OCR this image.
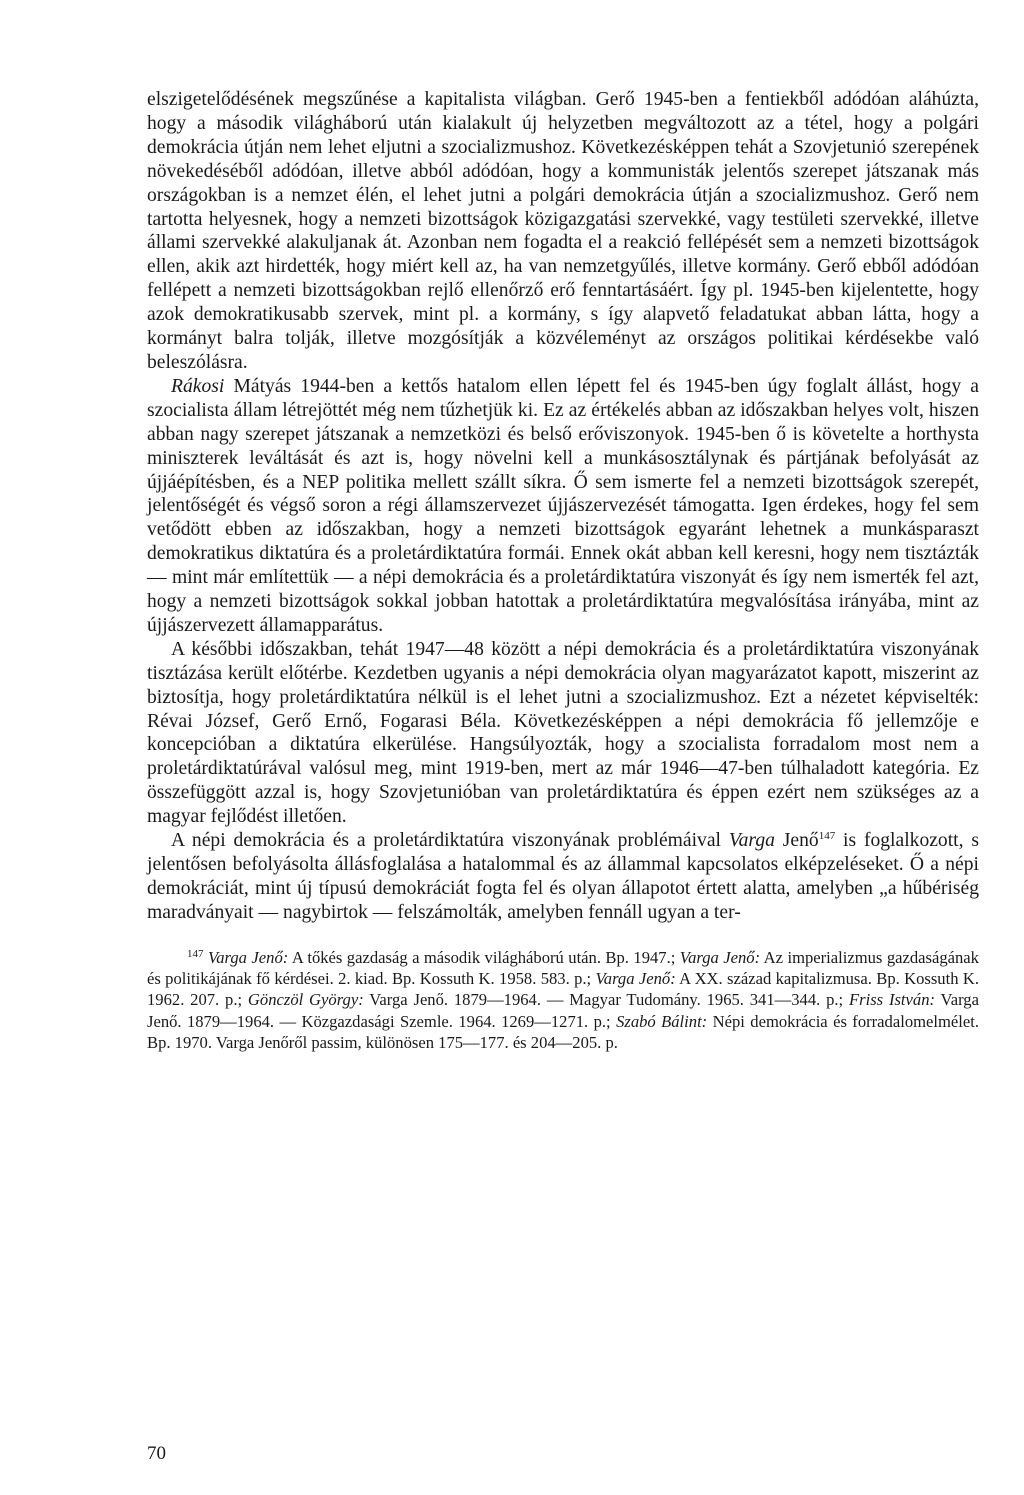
elszigetelődésének megszűnése a kapitalista világban. Gerő 1945-ben a fentiekből adódóan aláhúzta, hogy a második világháború után kialakult új helyzetben megváltozott az a tétel, hogy a polgári demokrácia útján nem lehet eljutni a szocializmushoz. Következésképpen tehát a Szovjetunió szerepének növekedéséből adódóan, illetve abból adódóan, hogy a kommunisták jelentős szerepet játszanak más országokban is a nemzet élén, el lehet jutni a polgári demokrácia útján a szocializmushoz. Gerő nem tartotta helyesnek, hogy a nemzeti bizottságok közigazgatási szervekké, vagy testületi szervekké, illetve állami szervekké alakuljanak át. Azonban nem fogadta el a reakció fellépését sem a nemzeti bizottságok ellen, akik azt hirdették, hogy miért kell az, ha van nemzetgyűlés, illetve kormány. Gerő ebből adódóan fellépett a nemzeti bizottságokban rejlő ellenőrző erő fenntartásáért. Így pl. 1945-ben kijelentette, hogy azok demokratikusabb szervek, mint pl. a kormány, s így alapvető feladatukat abban látta, hogy a kormányt balra tolják, illetve mozgósítják a közvéleményt az országos politikai kérdésekbe való beleszólásra.

Rákosi Mátyás 1944-ben a kettős hatalom ellen lépett fel és 1945-ben úgy foglalt állást, hogy a szocialista állam létrejöttét még nem tűzhetjük ki. Ez az értékelés abban az időszakban helyes volt, hiszen abban nagy szerepet játszanak a nemzetközi és belső erőviszonyok. 1945-ben ő is követelte a horthysta miniszterek leváltását és azt is, hogy növelni kell a munkásosztálynak és pártjának befolyását az újjáépítésben, és a NEP politika mellett szállt síkra. Ő sem ismerte fel a nemzeti bizottságok szerepét, jelentőségét és végső soron a régi államszervezet újjászervezését támogatta. Igen érdekes, hogy fel sem vetődött ebben az időszakban, hogy a nemzeti bizottságok egyaránt lehetnek a munkásparaszt demokratikus diktatúra és a proletárdiktatúra formái. Ennek okát abban kell keresni, hogy nem tisztázták — mint már említettük — a népi demokrácia és a proletárdiktatúra viszonyát és így nem ismerték fel azt, hogy a nemzeti bizottságok sokkal jobban hatottak a proletárdiktatúra megvalósítása irányába, mint az újjászervezett államapparátus.

A későbbi időszakban, tehát 1947—48 között a népi demokrácia és a proletárdiktatúra viszonyának tisztázása került előtérbe. Kezdetben ugyanis a népi demokrácia olyan magyarázatot kapott, miszerint az biztosítja, hogy proletárdiktatúra nélkül is el lehet jutni a szocializmushoz. Ezt a nézetet képviselték: Révai József, Gerő Ernő, Fogarasi Béla. Következésképpen a népi demokrácia fő jellemzője e koncepcióban a diktatúra elkerülése. Hangsúlyozták, hogy a szocialista forradalom most nem a proletárdiktatúrával valósul meg, mint 1919-ben, mert az már 1946—47-ben túlhaladott kategória. Ez összefüggött azzal is, hogy Szovjetunióban van proletárdiktatúra és éppen ezért nem szükséges az a magyar fejlődést illetően.

A népi demokrácia és a proletárdiktatúra viszonyának problémáival Varga Jenő$^{147}$ is foglalkozott, s jelentősen befolyásolta állásfoglalása a hatalommal és az állammal kapcsolatos elképzeléseket. Ő a népi demokráciát, mint új típusú demokráciát fogta fel és olyan állapotot értett alatta, amelyben „a hűbériség maradványait — nagybirtok — felszámolták, amelyben fennáll ugyan a ter-

$^{147}$ Varga Jenő: A tőkés gazdaság a második világháború után. Bp. 1947.; Varga Jenő: Az imperializmus gazdaságának és politikájának fő kérdései. 2. kiad. Bp. Kossuth K. 1958. 583. p.; Varga Jenő: A XX. század kapitalizmusa. Bp. Kossuth K. 1962. 207. p.; Gönczöl György: Varga Jenő. 1879—1964. — Magyar Tudomány. 1965. 341—344. p.; Friss István: Varga Jenő. 1879—1964. — Közgazdasági Szemle. 1964. 1269—1271. p.; Szabó Bálint: Népi demokrácia és forradalomelmélet. Bp. 1970. Varga Jenőről passim, különösen 175—177. és 204—205. p.

70
